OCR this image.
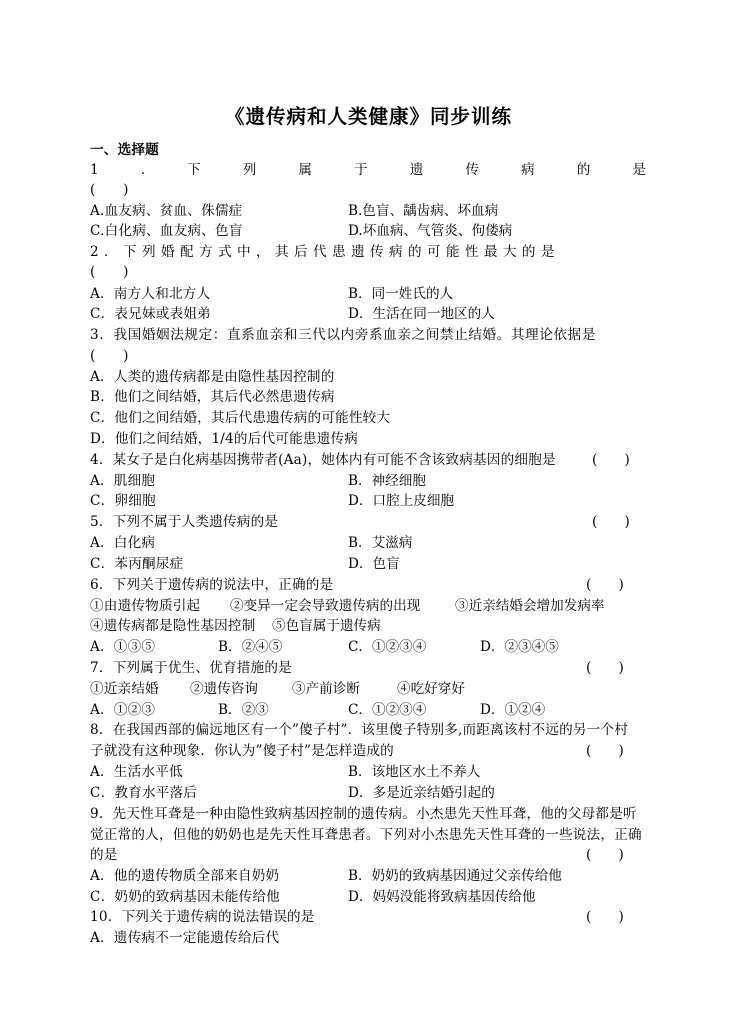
《遗传病和人类健康》同步训练
一、选择题
1	.	下	列	属	于	遗	传	病	的	是
(　　)
A.血友病、贫血、侏儒症	B.色盲、龋齿病、坏血病
C.白化病、血友病、色盲	D.坏血病、气管炎、佝偻病
2．下列婚配方式中，其后代患遗传病的可能性最大的是
(　　)
A．南方人和北方人	B．同一姓氏的人
C．表兄妹或表姐弟	D．生活在同一地区的人
3．我国婚姻法规定：直系血亲和三代以内旁系血亲之间禁止结婚。其理论依据是
(　　)
A．人类的遗传病都是由隐性基因控制的
B．他们之间结婚，其后代必然患遗传病
C．他们之间结婚，其后代患遗传病的可能性较大
D．他们之间结婚，1/4的后代可能患遗传病
4．某女子是白化病基因携带者(Aa)，她体内有可能不含该致病基因的细胞是	(　　)
A．肌细胞	B．神经细胞
C．卵细胞	D．口腔上皮细胞
5．下列不属于人类遗传病的是	(　　)
A．白化病	B．艾滋病
C．苯丙酮尿症	D．色盲
6．下列关于遗传病的说法中，正确的是	(　　)
①由遗传物质引起 ②变异一定会导致遗传病的出现	③近亲结婚会增加发病率
④遗传病都是隐性基因控制 ⑤色盲属于遗传病
A．①③⑤	B．②④⑤	C．①②③④	D．②③④⑤
7．下列属于优生、优育措施的是	(　　)
①近亲结婚 ②遗传咨询	③产前诊断	④吃好穿好
A．①②③	B．②③	C．①②③④	D．①②④
8．在我国西部的偏远地区有一个”傻子村”．该里傻子特别多,而距离该村不远的另一个村
子就没有这种现象．你认为”傻子村”是怎样造成的	(　　)
A．生活水平低	B．该地区水土不养人
C．教育水平落后	D．多是近亲结婚引起的
9．先天性耳聋是一种由隐性致病基因控制的遗传病。小杰患先天性耳聋，他的父母都是听
觉正常的人，但他的奶奶也是先天性耳聋患者。下列对小杰患先天性耳聋的一些说法，正确
的是	(　　)
A．他的遗传物质全部来自奶奶	B．奶奶的致病基因通过父亲传给他
C．奶奶的致病基因未能传给他	D．妈妈没能将致病基因传给他
10．下列关于遗传病的说法错误的是	(　　)
A．遗传病不一定能遗传给后代
